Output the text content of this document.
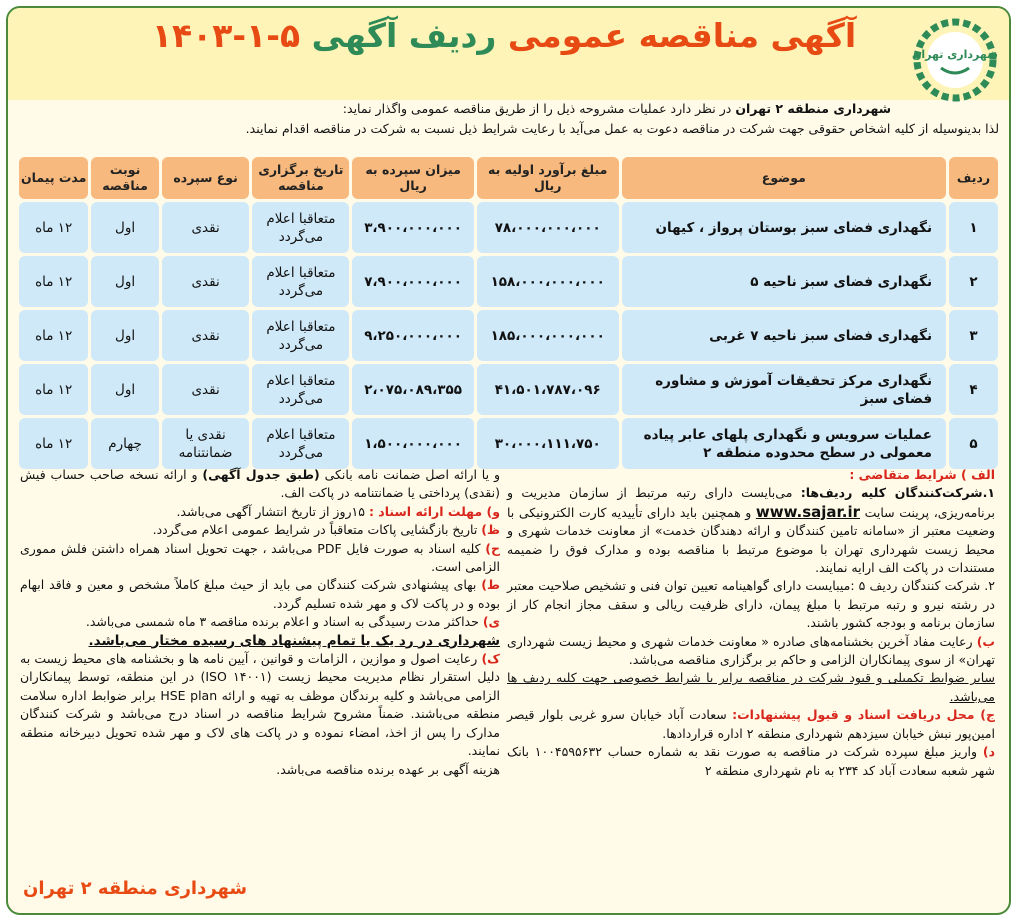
شهرداری تهران
آگهی مناقصه عمومی ردیف آگهی ۵-۱-۱۴۰۳
شهرداری منطقه ۲ تهران در نظر دارد عملیات مشروحه ذیل را از طریق مناقصه عمومی واگذار نماید:
لذا بدینوسیله از کلیه اشخاص حقوقی جهت شرکت در مناقصه دعوت به عمل می‌آید با رعایت شرایط ذیل نسبت به شرکت در مناقصه اقدام نمایند.
ردیف	موضوع	مبلغ برآورد اولیه به ریال	میزان سپرده به ریال	تاریخ برگزاری مناقصه	نوع سپرده	نوبت مناقصه	مدت پیمان
۱	نگهداری فضای سبز بوستان پرواز ، کیهان	۷۸،۰۰۰،۰۰۰،۰۰۰	۳،۹۰۰،۰۰۰،۰۰۰	متعاقبا اعلام می‌گردد	نقدی	اول	۱۲ ماه
۲	نگهداری فضای سبز ناحیه ۵	۱۵۸،۰۰۰،۰۰۰،۰۰۰	۷،۹۰۰،۰۰۰،۰۰۰	متعاقبا اعلام می‌گردد	نقدی	اول	۱۲ ماه
۳	نگهداری فضای سبز ناحیه ۷ غربی	۱۸۵،۰۰۰،۰۰۰،۰۰۰	۹،۲۵۰،۰۰۰،۰۰۰	متعاقبا اعلام می‌گردد	نقدی	اول	۱۲ ماه
۴	نگهداری مرکز تحقیقات آموزش و مشاوره فضای سبز	۴۱،۵۰۱،۷۸۷،۰۹۶	۲،۰۷۵،۰۸۹،۳۵۵	متعاقبا اعلام می‌گردد	نقدی	اول	۱۲ ماه
۵	عملیات سرویس و نگهداری پلهای عابر پیاده معمولی در سطح محدوده منطقه ۲	۳۰،۰۰۰،۱۱۱،۷۵۰	۱،۵۰۰،۰۰۰،۰۰۰	متعاقبا اعلام می‌گردد	نقدی یا ضمانتنامه	چهارم	۱۲ ماه

الف ) شرایط متقاضی :

۱.شرکت‌کنندگان کلیه ردیف‌ها: می‌بایست دارای رتبه مرتبط از سازمان مدیریت و برنامه‌ریزی، پرینت سایت www.sajar.ir و همچنین باید دارای تأییدیه کارت الکترونیکی با وضعیت معتبر از «سامانه تامین کنندگان و ارائه دهندگان خدمت» از معاونت خدمات شهری و محیط زیست شهرداری تهران با موضوع مرتبط با مناقصه بوده و مدارک فوق را ضمیمه مستندات در پاکت الف ارایه نمایند.

۲. شرکت کنندگان ردیف ۵ :میبایست دارای گواهینامه تعیین توان فنی و تشخیص صلاحیت معتبر در رشته نیرو و رتبه مرتبط با مبلغ پیمان، دارای ظرفیت ریالی و سقف مجاز انجام کار از سازمان برنامه و بودجه کشور باشند.

ب) رعایت مفاد آخرین بخشنامه‌های صادره « معاونت خدمات شهری و محیط زیست شهرداری تهران» از سوی پیمانکاران الزامی و حاکم بر برگزاری مناقصه می‌باشد.

سایر ضوابط تکمیلی و قیود شرکت در مناقصه برابر با شرایط خصوصی جهت کلیه ردیف ها می‌باشد.

ج) محل دریافت اسناد و قبول پیشنهادات: سعادت آباد خیابان سرو غربی بلوار قیصر امین‌پور نبش خیابان سیزدهم شهرداری منطقه ۲ اداره قراردادها.

د) واریز مبلغ سپرده شرکت در مناقصه به صورت نقد به شماره حساب ۱۰۰۴۵۹۵۶۳۲ بانک شهر شعبه سعادت آباد کد ۲۳۴ به نام شهرداری منطقه ۲

و یا ارائه اصل ضمانت نامه بانکی (طبق جدول آگهی) و ارائه نسخه صاحب حساب فیش (نقدی) پرداختی یا ضمانتنامه در پاکت الف.

و) مهلت ارائه اسناد : ۱۵روز از تاریخ انتشار آگهی می‌باشد.

ظ) تاریخ بازگشایی پاکات متعاقباً در شرایط عمومی اعلام می‌گردد.

ح) کلیه اسناد به صورت فایل PDF می‌باشد ، جهت تحویل اسناد همراه داشتن فلش مموری الزامی است.

ط) بهای پیشنهادی شرکت کنندگان می باید از حیث مبلغ کاملاً مشخص و معین و فاقد ابهام بوده و در پاکت لاک و مهر شده تسلیم گردد.

ی) حداکثر مدت رسیدگی به اسناد و اعلام برنده مناقصه ۳ ماه شمسی می‌باشد.

شهرداری در رد یک یا تمام پیشنهاد های رسیده مختار می‌باشد.

ک) رعایت اصول و موازین ، الزامات و قوانین ، آیین نامه ها و بخشنامه های محیط زیست به دلیل استقرار نظام مدیریت محیط زیست (ISO ۱۴۰۰۱) در این منطقه، توسط پیمانکاران الزامی می‌باشد و کلیه برندگان موظف به تهیه و ارائه HSE plan برابر ضوابط اداره سلامت منطقه می‌باشند. ضمناً مشروح شرایط مناقصه در اسناد درج می‌باشد و شرکت کنندگان مدارک را پس از اخذ، امضاء نموده و در پاکت های لاک و مهر شده تحویل دبیرخانه منطقه نمایند.

هزینه آگهی بر عهده برنده مناقصه می‌باشد.

شهرداری منطقه ۲ تهران
